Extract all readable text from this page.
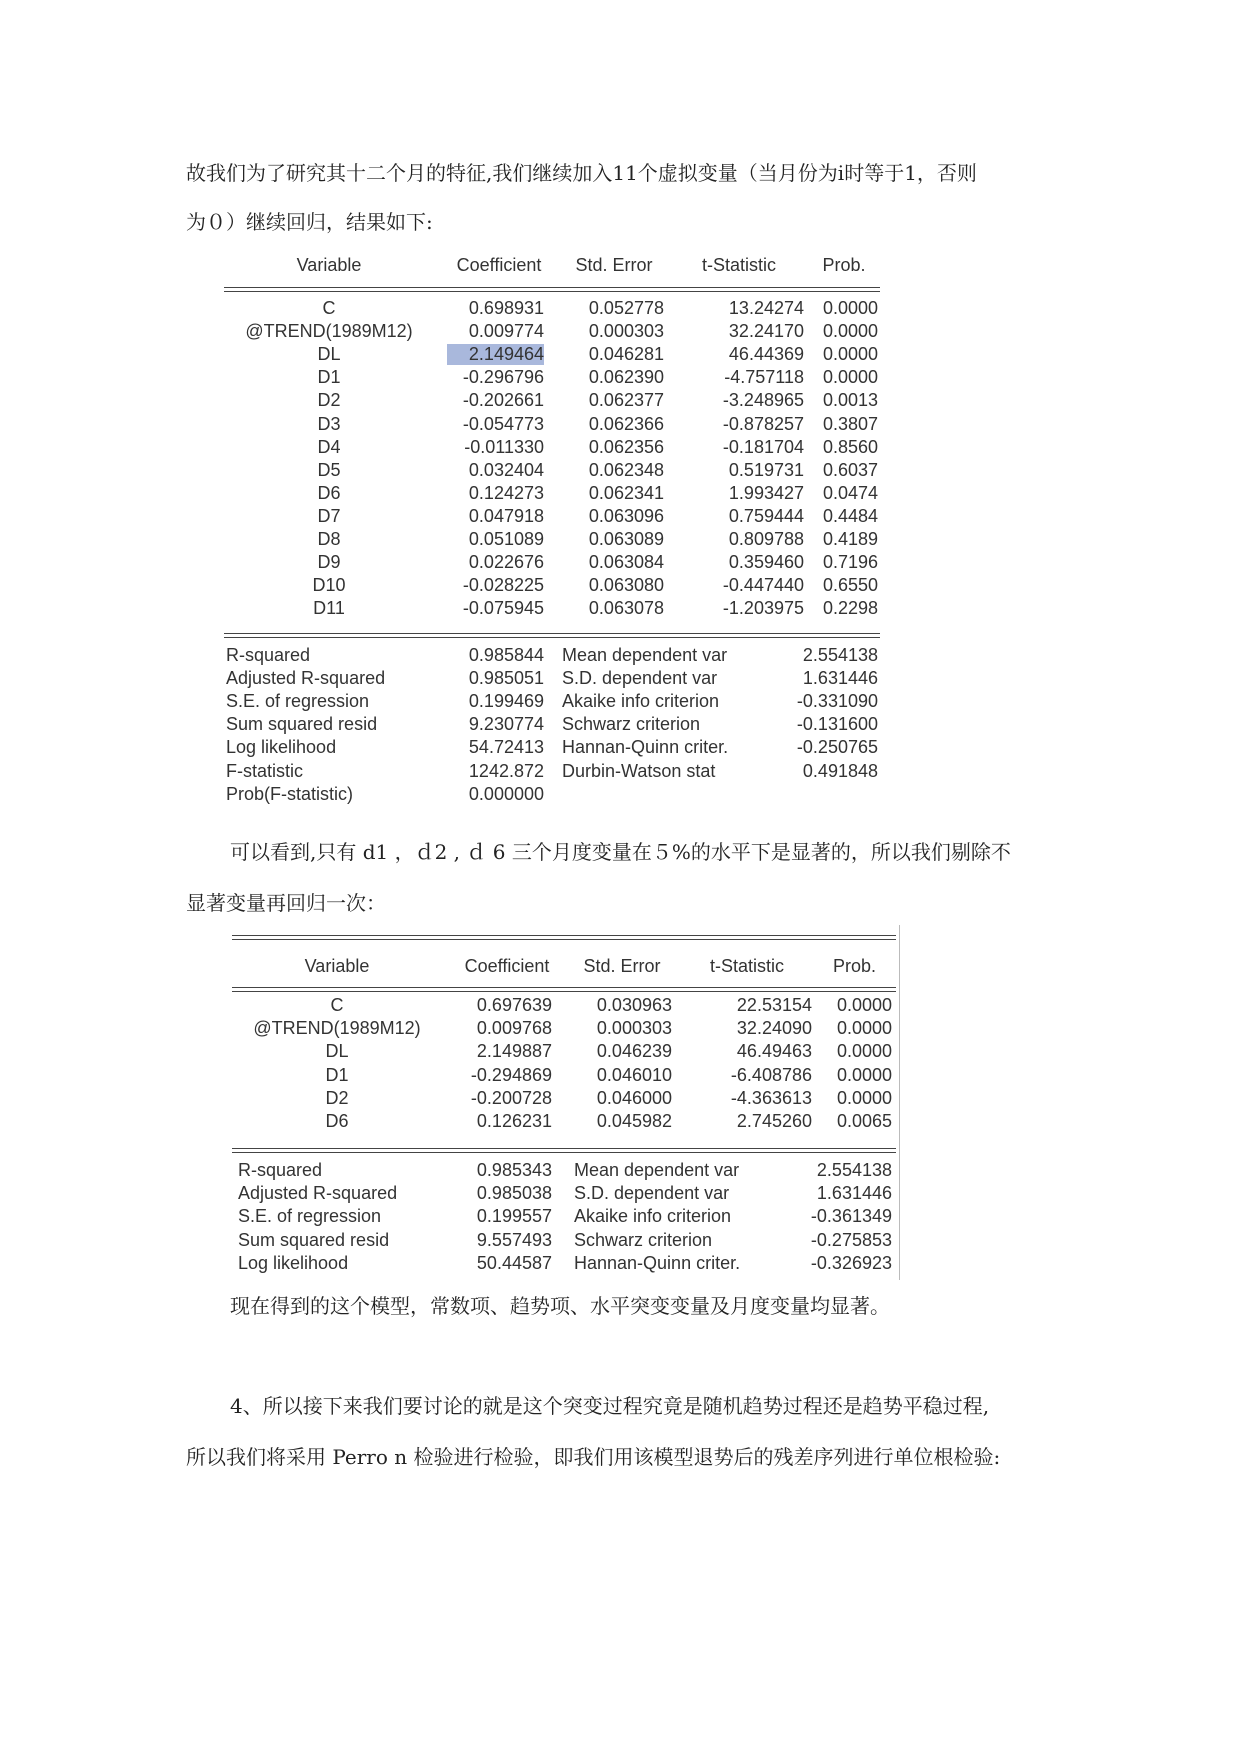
故我们为了研究其十二个月的特征,我们继续加入11个虚拟变量（当月份为i时等于1，否则
为０）继续回归，结果如下:
Variable	Coefficient	Std. Error	t-Statistic	Prob.
C	0.698931	0.052778	13.24274	0.0000
@TREND(1989M12)	0.009774	0.000303	32.24170	0.0000
DL	2.149464	0.046281	46.44369	0.0000
D1	-0.296796	0.062390	-4.757118	0.0000
D2	-0.202661	0.062377	-3.248965	0.0013
D3	-0.054773	0.062366	-0.878257	0.3807
D4	-0.011330	0.062356	-0.181704	0.8560
D5	0.032404	0.062348	0.519731	0.6037
D6	0.124273	0.062341	1.993427	0.0474
D7	0.047918	0.063096	0.759444	0.4484
D8	0.051089	0.063089	0.809788	0.4189
D9	0.022676	0.063084	0.359460	0.7196
D10	-0.028225	0.063080	-0.447440	0.6550
D11	-0.075945	0.063078	-1.203975	0.2298
R-squared	0.985844 Mean dependent var	2.554138
Adjusted R-squared	0.985051 S.D. dependent var	1.631446
S.E. of regression	0.199469 Akaike info criterion	-0.331090
Sum squared resid	9.230774 Schwarz criterion	-0.131600
Log likelihood	54.72413 Hannan-Quinn criter.	-0.250765
F-statistic	1242.872 Durbin-Watson stat	0.491848
Prob(F-statistic)	0.000000
可以看到,只有 d1 ，ｄ2 , ｄ 6 三个月度变量在５%的水平下是显著的，所以我们剔除不
显著变量再回归一次：
Variable	Coefficient	Std. Error	t-Statistic	Prob.
C	0.697639	0.030963	22.53154	0.0000
@TREND(1989M12)	0.009768	0.000303	32.24090	0.0000
DL	2.149887	0.046239	46.49463	0.0000
D1	-0.294869	0.046010	-6.408786	0.0000
D2	-0.200728	0.046000	-4.363613	0.0000
D6	0.126231	0.045982	2.745260	0.0065
R-squared	0.985343 Mean dependent var	2.554138
Adjusted R-squared	0.985038 S.D. dependent var	1.631446
S.E. of regression	0.199557 Akaike info criterion	-0.361349
Sum squared resid	9.557493 Schwarz criterion	-0.275853
Log likelihood	50.44587 Hannan-Quinn criter.	-0.326923
现在得到的这个模型，常数项、趋势项、水平突变变量及月度变量均显著。
4、所以接下来我们要讨论的就是这个突变过程究竟是随机趋势过程还是趋势平稳过程,
所以我们将采用 Perro n 检验进行检验，即我们用该模型退势后的残差序列进行单位根检验:
